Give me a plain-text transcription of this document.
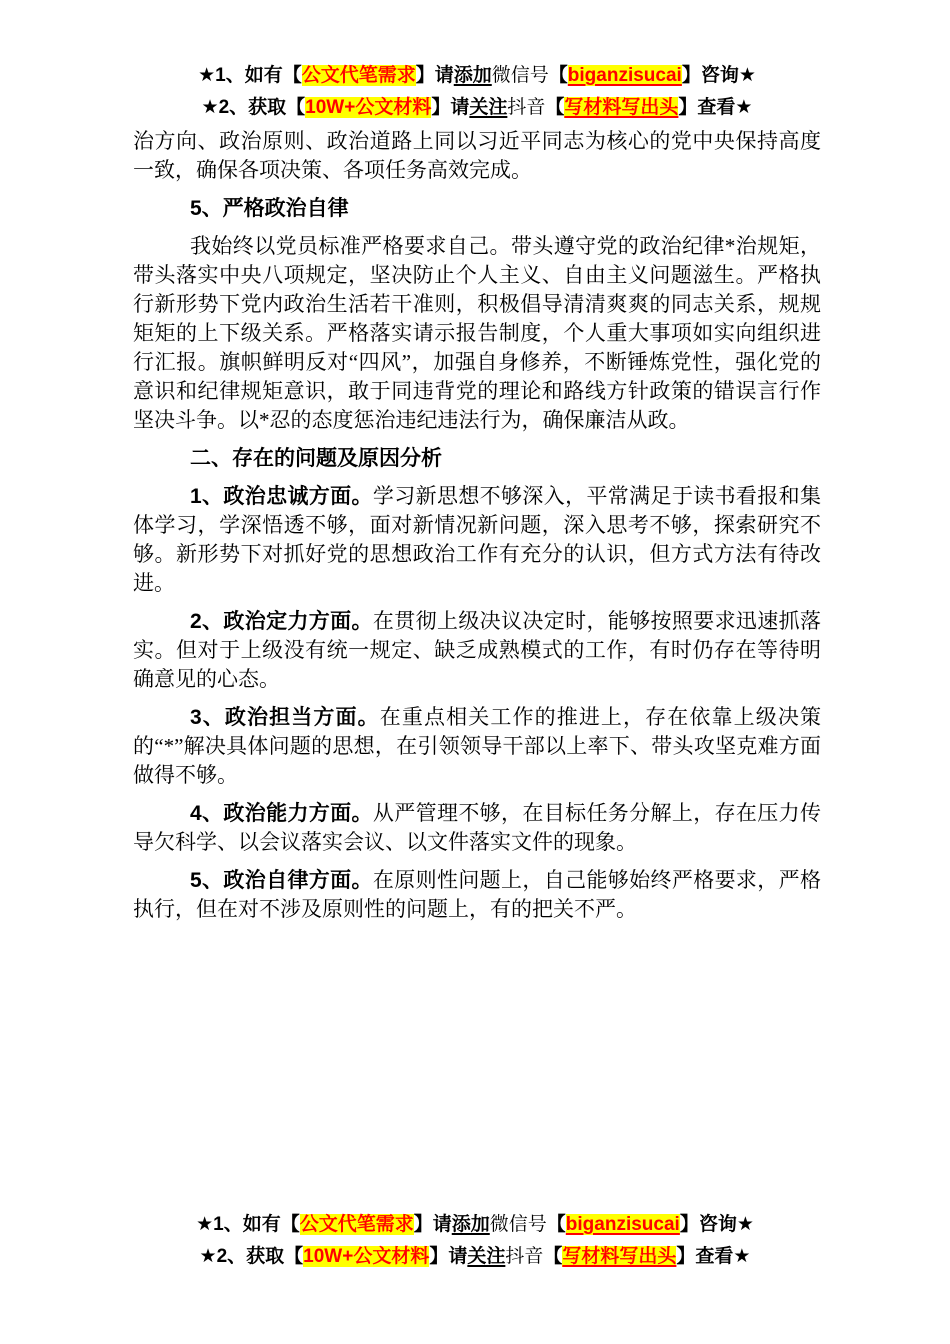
★1、如有【公文代笔需求】请添加微信号【biganzisucai】咨询★
★2、获取【10W+公文材料】请关注抖音【写材料写出头】查看★

治方向、政治原则、政治道路上同以习近平同志为核心的党中央保持高度一致，确保各项决策、各项任务高效完成。

5、严格政治自律

我始终以党员标准严格要求自己。带头遵守党的政治纪律*治规矩，带头落实中央八项规定，坚决防止个人主义、自由主义问题滋生。严格执行新形势下党内政治生活若干准则，积极倡导清清爽爽的同志关系，规规矩矩的上下级关系。严格落实请示报告制度，个人重大事项如实向组织进行汇报。旗帜鲜明反对“四风”，加强自身修养，不断锤炼党性，强化党的意识和纪律规矩意识，敢于同违背党的理论和路线方针政策的错误言行作坚决斗争。以*忍的态度惩治违纪违法行为，确保廉洁从政。

二、存在的问题及原因分析

1、政治忠诚方面。学习新思想不够深入，平常满足于读书看报和集体学习，学深悟透不够，面对新情况新问题，深入思考不够，探索研究不够。新形势下对抓好党的思想政治工作有充分的认识，但方式方法有待改进。

2、政治定力方面。在贯彻上级决议决定时，能够按照要求迅速抓落实。但对于上级没有统一规定、缺乏成熟模式的工作，有时仍存在等待明确意见的心态。

3、政治担当方面。在重点相关工作的推进上，存在依靠上级决策的“*”解决具体问题的思想，在引领领导干部以上率下、带头攻坚克难方面做得不够。

4、政治能力方面。从严管理不够，在目标任务分解上，存在压力传导欠科学、以会议落实会议、以文件落实文件的现象。

5、政治自律方面。在原则性问题上，自己能够始终严格要求，严格执行，但在对不涉及原则性的问题上，有的把关不严。

★1、如有【公文代笔需求】请添加微信号【biganzisucai】咨询★
★2、获取【10W+公文材料】请关注抖音【写材料写出头】查看★
